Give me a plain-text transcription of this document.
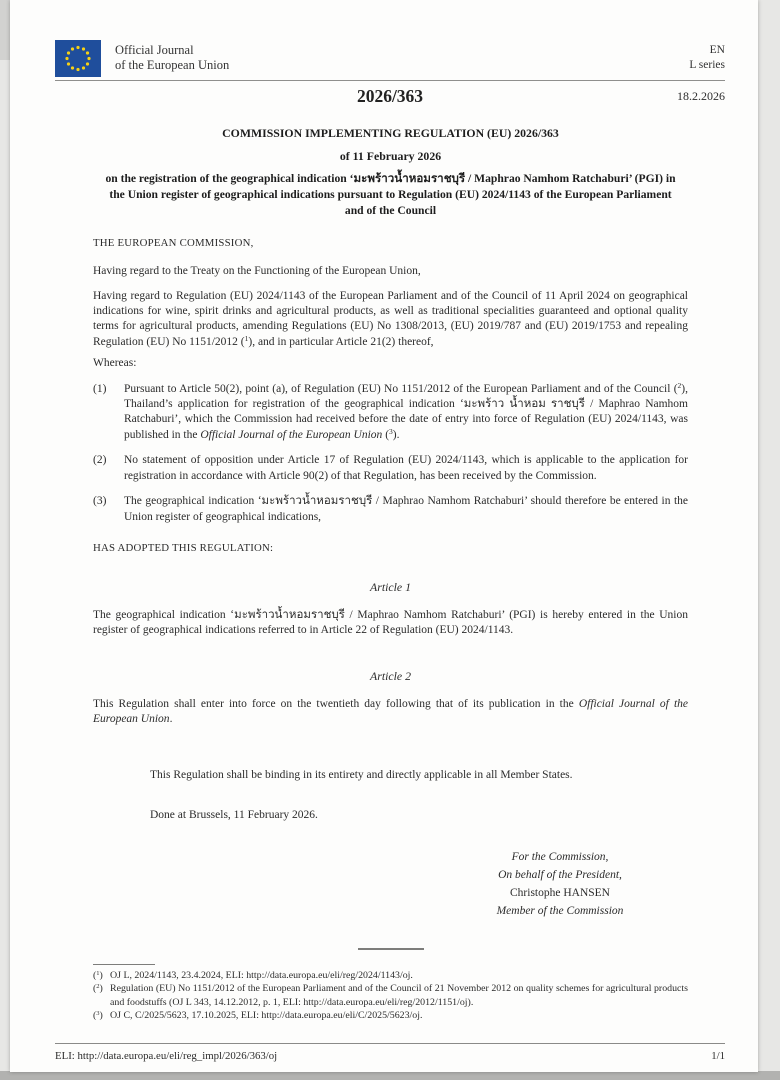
Official Journal
of the European Union
EN
L series
2026/363	18.2.2026
COMMISSION IMPLEMENTING REGULATION (EU) 2026/363
of 11 February 2026
on the registration of the geographical indication ‘มะพร้าวน้ำหอมราชบุรี / Maphrao Namhom Ratchaburi’ (PGI) in the Union register of geographical indications pursuant to Regulation (EU) 2024/1143 of the European Parliament and of the Council

THE EUROPEAN COMMISSION,

Having regard to the Treaty on the Functioning of the European Union,

Having regard to Regulation (EU) 2024/1143 of the European Parliament and of the Council of 11 April 2024 on geographical indications for wine, spirit drinks and agricultural products, as well as traditional specialities guaranteed and optional quality terms for agricultural products, amending Regulations (EU) No 1308/2013, (EU) 2019/787 and (EU) 2019/1753 and repealing Regulation (EU) No 1151/2012 ($^1$), and in particular Article 21(2) thereof,

Whereas:

(1)	Pursuant to Article 50(2), point (a), of Regulation (EU) No 1151/2012 of the European Parliament and of the Council ($^2$), Thailand’s application for registration of the geographical indication ‘มะพร้าว น้ำหอม ราชบุรี / Maphrao Namhom Ratchaburi’, which the Commission had received before the date of entry into force of Regulation (EU) 2024/1143, was published in the Official Journal of the European Union ($^3$).
(2)	No statement of opposition under Article 17 of Regulation (EU) 2024/1143, which is applicable to the application for registration in accordance with Article 90(2) of that Regulation, has been received by the Commission.
(3)	The geographical indication ‘มะพร้าวน้ำหอมราชบุรี / Maphrao Namhom Ratchaburi’ should therefore be entered in the Union register of geographical indications,

HAS ADOPTED THIS REGULATION:

Article 1

The geographical indication ‘มะพร้าวน้ำหอมราชบุรี / Maphrao Namhom Ratchaburi’ (PGI) is hereby entered in the Union register of geographical indications referred to in Article 22 of Regulation (EU) 2024/1143.

Article 2

This Regulation shall enter into force on the twentieth day following that of its publication in the Official Journal of the European Union.

This Regulation shall be binding in its entirety and directly applicable in all Member States.

Done at Brussels, 11 February 2026.

For the Commission,
On behalf of the President,
Christophe HANSEN
Member of the Commission
($^1$) OJ L, 2024/1143, 23.4.2024, ELI: http://data.europa.eu/eli/reg/2024/1143/oj.
($^2$) Regulation (EU) No 1151/2012 of the European Parliament and of the Council of 21 November 2012 on quality schemes for agricultural products and foodstuffs (OJ L 343, 14.12.2012, p. 1, ELI: http://data.europa.eu/eli/reg/2012/1151/oj).
($^3$) OJ C, C/2025/5623, 17.10.2025, ELI: http://data.europa.eu/eli/C/2025/5623/oj.
ELI: http://data.europa.eu/eli/reg_impl/2026/363/oj	1/1
